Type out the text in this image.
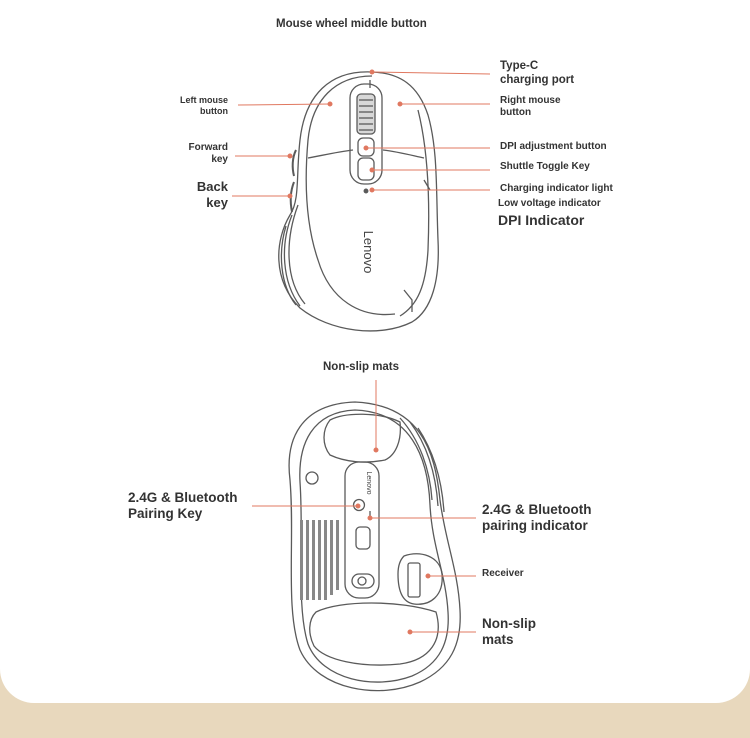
Lenovo
Lenovo
Mouse wheel middle button
Type-C
charging port
Left mouse
button
Right mouse
button
Forward
key
DPI adjustment button
Shuttle Toggle Key
Back
key
Charging indicator light
Low voltage indicator
DPI Indicator
Non-slip mats
2.4G & Bluetooth
Pairing Key	2.4G & Bluetooth
pairing indicator
Receiver
Non-slip
mats
